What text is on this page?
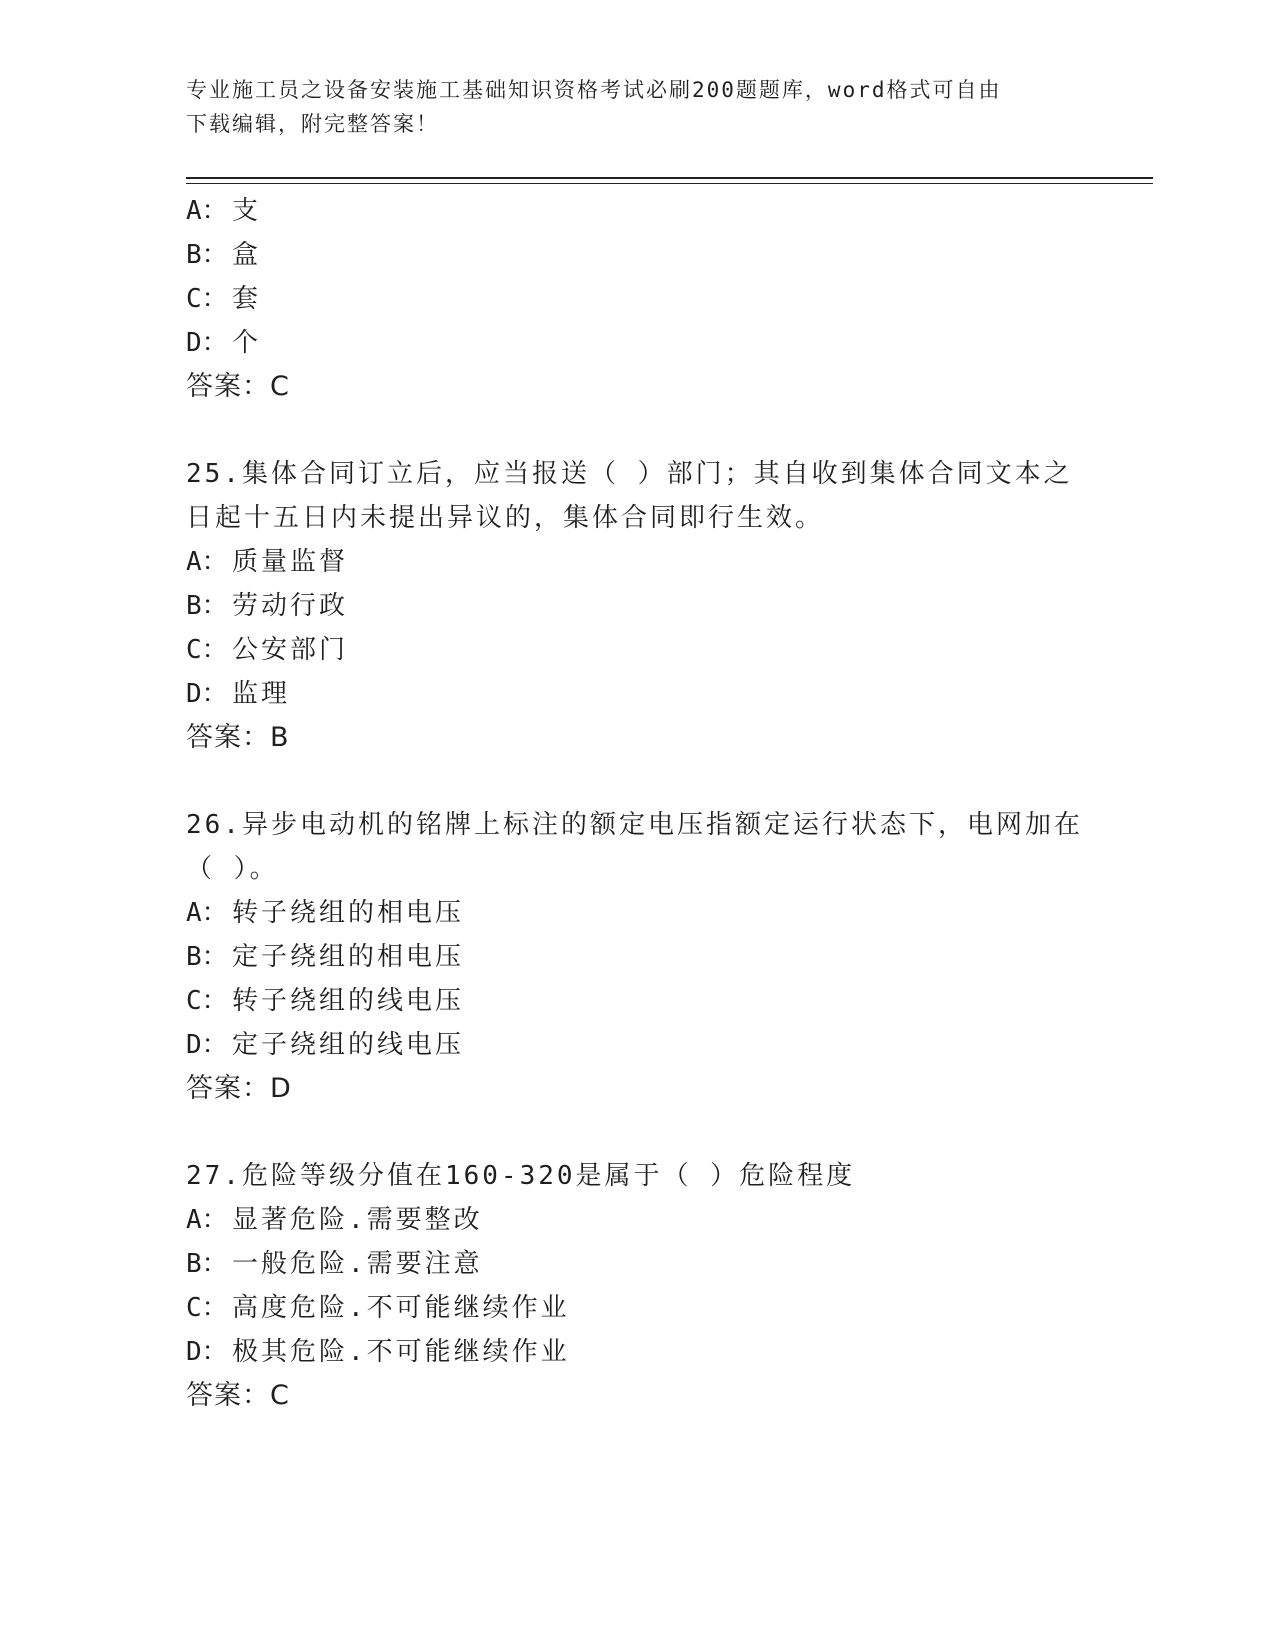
专业施工员之设备安装施工基础知识资格考试必刷200题题库，word格式可自由
下载编辑，附完整答案！
A： 支
B： 盒
C： 套
D： 个
答案：C
25.集体合同订立后，应当报送（ ）部门；其自收到集体合同文本之
日起十五日内未提出异议的，集体合同即行生效。
A： 质量监督
B： 劳动行政
C： 公安部门
D： 监理
答案：B
26.异步电动机的铭牌上标注的额定电压指额定运行状态下，电网加在
（ ）。
A： 转子绕组的相电压
B： 定子绕组的相电压
C： 转子绕组的线电压
D： 定子绕组的线电压
答案：D
27.危险等级分值在160-320是属于（ ）危险程度
A： 显著危险.需要整改
B： 一般危险.需要注意
C： 高度危险.不可能继续作业
D： 极其危险.不可能继续作业
答案：C
